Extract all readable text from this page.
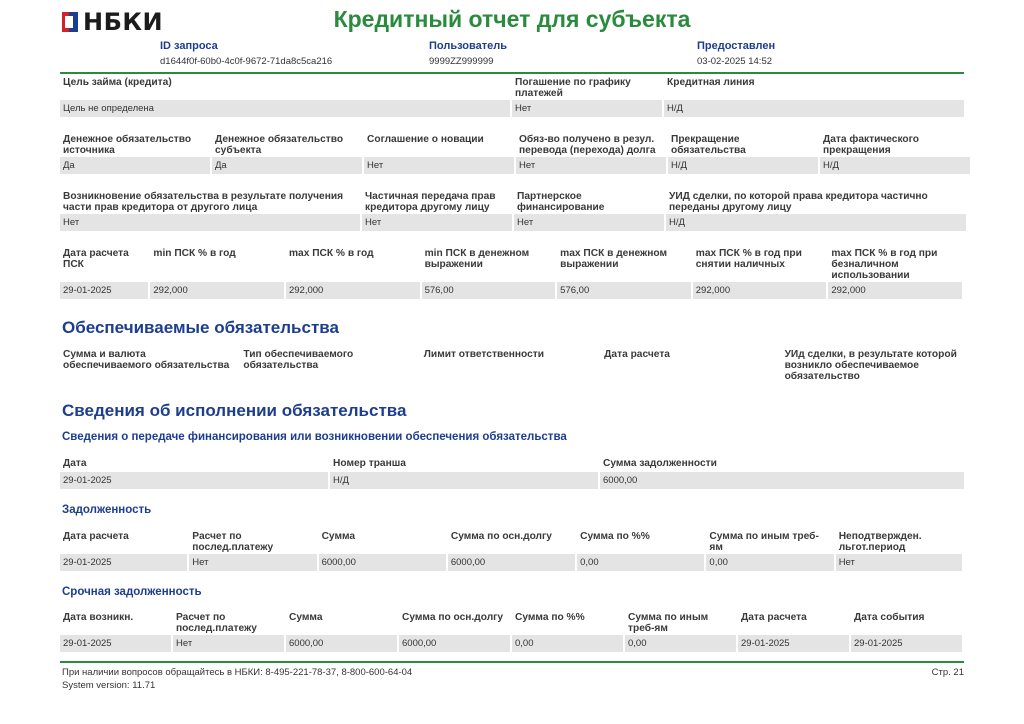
НБКИ	Кредитный отчет для субъекта
ID запроса
d1644f0f-60b0-4c0f-9672-71da8c5ca216
Пользователь
9999ZZ999999
Предоставлен
03-02-2025 14:52
Цель займа (кредита)	Погашение по графику платежей	Кредитная линия
Цель не определена	Нет	Н/Д
Денежное обязательство источника	Денежное обязательство субъекта	Соглашение о новации	Обяз-во получено в резул. перевода (перехода) долга	Прекращение обязательства	Дата фактического прекращения
Да	Да	Нет	Нет	Н/Д	Н/Д
Возникновение обязательства в результате получения части прав кредитора от другого лица	Частичная передача прав кредитора другому лицу	Партнерское финансирование	УИД сделки, по которой права кредитора частично переданы другому лицу
Нет	Нет	Нет	Н/Д
Дата расчета ПСК	min ПСК % в год	max ПСК % в год	min ПСК в денежном выражении	max ПСК в денежном выражении	max ПСК % в год при снятии наличных	max ПСК % в год при безналичном использовании
29-01-2025	292,000	292,000	576,00	576,00	292,000	292,000
Обеспечиваемые обязательства
Сумма и валюта обеспечиваемого обязательства	Тип обеспечиваемого обязательства	Лимит ответственности	Дата расчета	УИд сделки, в результате которой возникло обеспечиваемое обязательство
Сведения об исполнении обязательства
Сведения о передаче финансирования или возникновении обеспечения обязательства
Дата	Номер транша	Сумма задолженности
29-01-2025	Н/Д	6000,00
Задолженность
Дата расчета	Расчет по послед.платежу	Сумма	Сумма по осн.долгу	Сумма по %%	Сумма по иным треб-ям	Неподтвержден. льгот.период
29-01-2025	Нет	6000,00	6000,00	0,00	0,00	Нет
Срочная задолженность
Дата возникн.	Расчет по послед.платежу	Сумма	Сумма по осн.долгу	Сумма по %%	Сумма по иным треб-ям	Дата расчета	Дата события
29-01-2025	Нет	6000,00	6000,00	0,00	0,00	29-01-2025	29-01-2025
При наличии вопросов обращайтесь в НБКИ: 8-495-221-78-37, 8-800-600-64-04
System version: 11.71
Стр. 21
